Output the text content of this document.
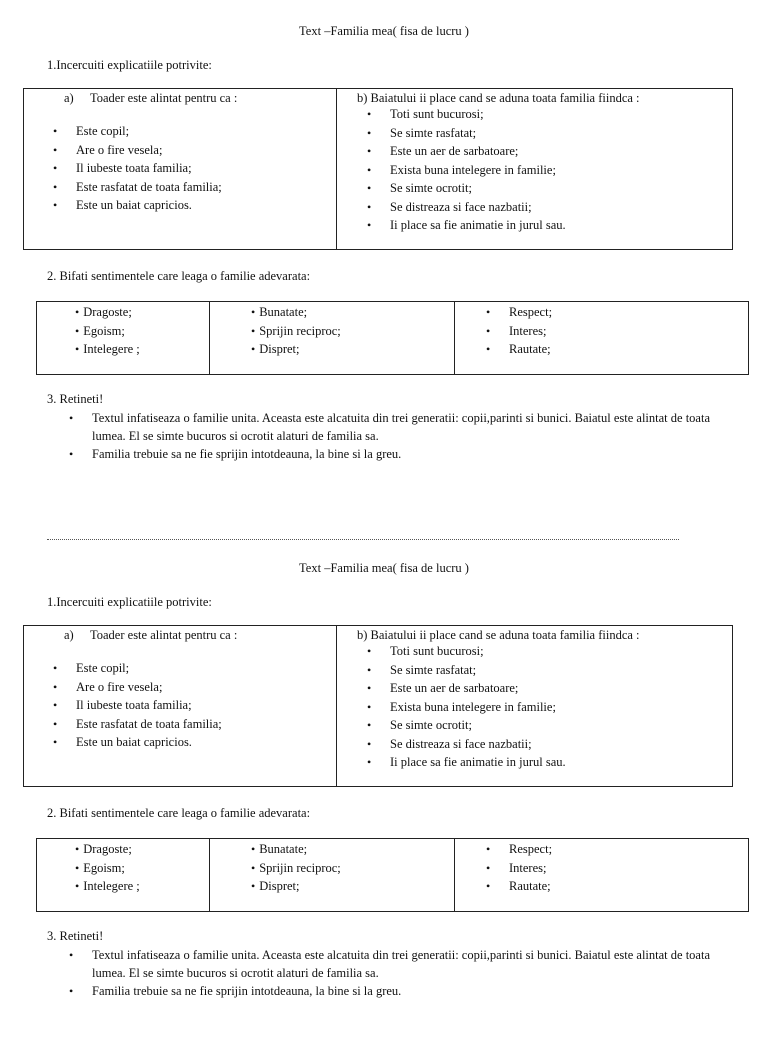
Text –Familia mea( fisa de lucru )
1.Incercuiti explicatiile potrivite:
a) Toader este alintat pentru ca :
• Este copil;
• Are o fire vesela;
• Il iubeste toata familia;
• Este rasfatat de toata familia;
• Este un baiat capricios.
b) Baiatului ii place cand se aduna toata familia fiindca :
• Toti sunt bucurosi;
• Se simte rasfatat;
• Este un aer de sarbatoare;
• Exista buna intelegere in familie;
• Se simte ocrotit;
• Se distreaza si face nazbatii;
• Ii place sa fie animatie in jurul sau.
2. Bifati sentimentele care leaga o familie adevarata:
• Dragoste;
• Egoism;
• Intelegere ;
• Bunatate;
• Sprijin reciproc;
• Dispret;
• Respect;
• Interes;
• Rautate;
3. Retineti!
• Textul infatiseaza o familie unita. Aceasta este alcatuita din trei generatii: copii,parinti si bunici. Baiatul este alintat de toata lumea. El se simte bucuros si ocrotit alaturi de familia sa.
• Familia trebuie sa ne fie sprijin intotdeauna, la bine si la greu.
Text –Familia mea( fisa de lucru )
1.Incercuiti explicatiile potrivite:
a) Toader este alintat pentru ca :
• Este copil;
• Are o fire vesela;
• Il iubeste toata familia;
• Este rasfatat de toata familia;
• Este un baiat capricios.
b) Baiatului ii place cand se aduna toata familia fiindca :
• Toti sunt bucurosi;
• Se simte rasfatat;
• Este un aer de sarbatoare;
• Exista buna intelegere in familie;
• Se simte ocrotit;
• Se distreaza si face nazbatii;
• Ii place sa fie animatie in jurul sau.
2. Bifati sentimentele care leaga o familie adevarata:
• Dragoste;
• Egoism;
• Intelegere ;
• Bunatate;
• Sprijin reciproc;
• Dispret;
• Respect;
• Interes;
• Rautate;
3. Retineti!
• Textul infatiseaza o familie unita. Aceasta este alcatuita din trei generatii: copii,parinti si bunici. Baiatul este alintat de toata lumea. El se simte bucuros si ocrotit alaturi de familia sa.
• Familia trebuie sa ne fie sprijin intotdeauna, la bine si la greu.
